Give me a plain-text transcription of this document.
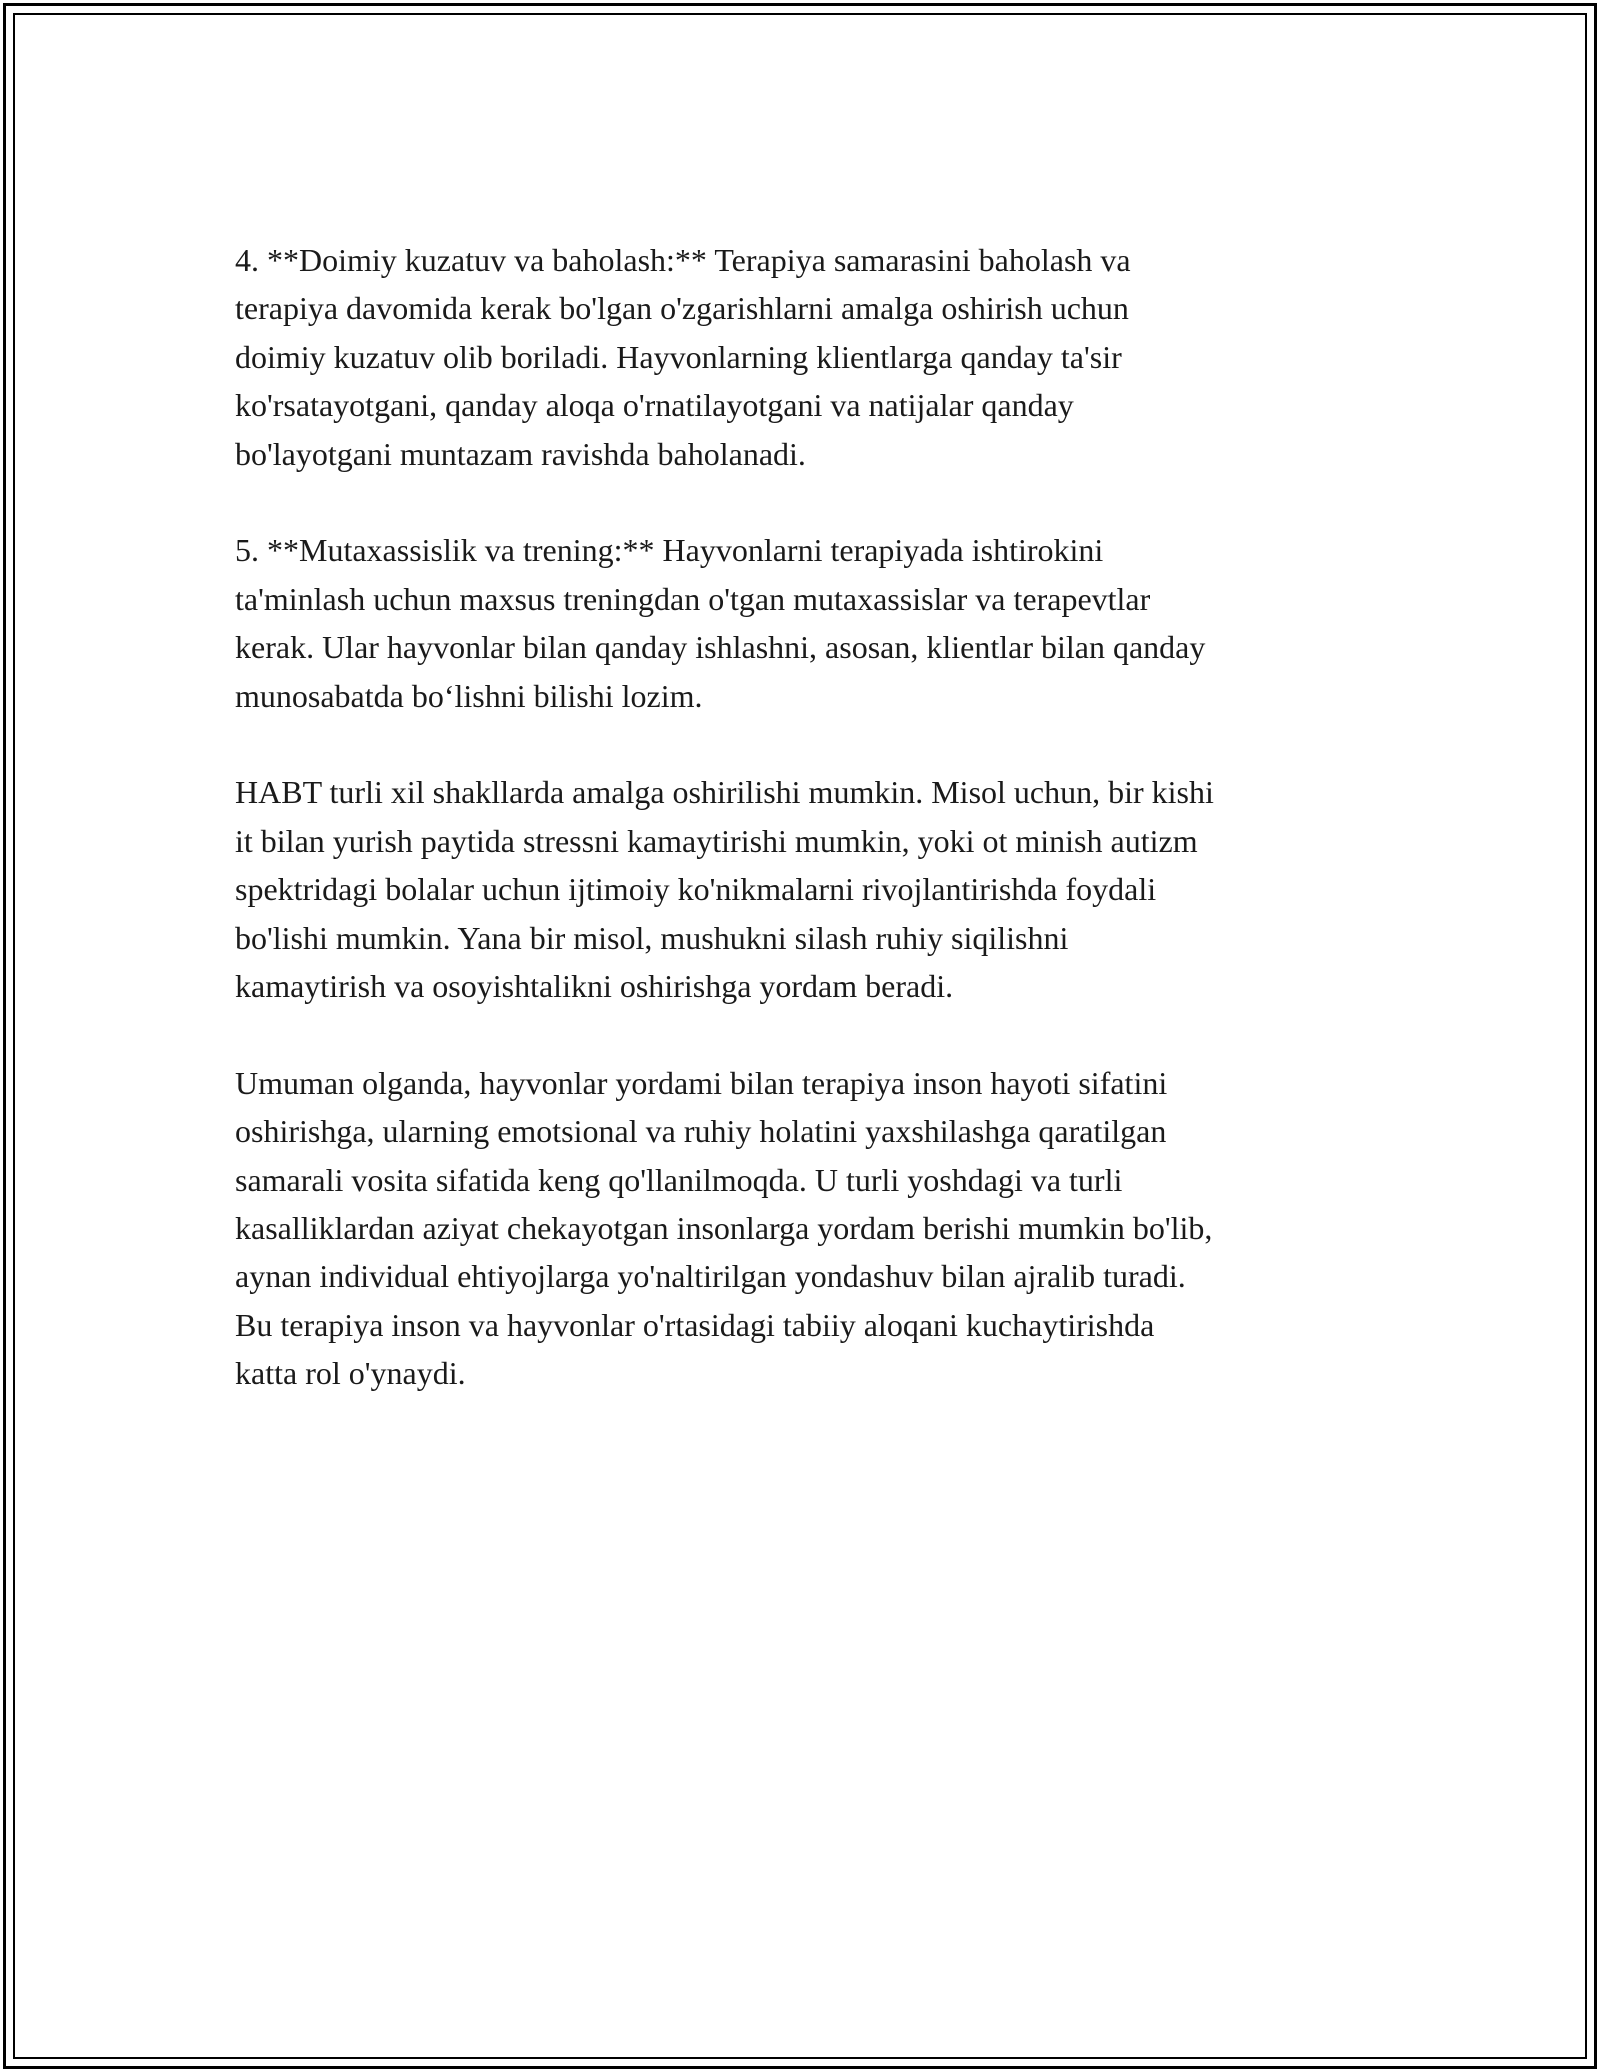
4. **Doimiy kuzatuv va baholash:** Terapiya samarasini baholash va
terapiya davomida kerak bo'lgan o'zgarishlarni amalga oshirish uchun
doimiy kuzatuv olib boriladi. Hayvonlarning klientlarga qanday ta'sir
ko'rsatayotgani, qanday aloqa o'rnatilayotgani va natijalar qanday
bo'layotgani muntazam ravishda baholanadi.

5. **Mutaxassislik va trening:** Hayvonlarni terapiyada ishtirokini
ta'minlash uchun maxsus treningdan o'tgan mutaxassislar va terapevtlar
kerak. Ular hayvonlar bilan qanday ishlashni, asosan, klientlar bilan qanday
munosabatda bo‘lishni bilishi lozim.

HABT turli xil shakllarda amalga oshirilishi mumkin. Misol uchun, bir kishi
it bilan yurish paytida stressni kamaytirishi mumkin, yoki ot minish autizm
spektridagi bolalar uchun ijtimoiy ko'nikmalarni rivojlantirishda foydali
bo'lishi mumkin. Yana bir misol, mushukni silash ruhiy siqilishni
kamaytirish va osoyishtalikni oshirishga yordam beradi.

Umuman olganda, hayvonlar yordami bilan terapiya inson hayoti sifatini
oshirishga, ularning emotsional va ruhiy holatini yaxshilashga qaratilgan
samarali vosita sifatida keng qo'llanilmoqda. U turli yoshdagi va turli
kasalliklardan aziyat chekayotgan insonlarga yordam berishi mumkin bo'lib,
aynan individual ehtiyojlarga yo'naltirilgan yondashuv bilan ajralib turadi.
Bu terapiya inson va hayvonlar o'rtasidagi tabiiy aloqani kuchaytirishda
katta rol o'ynaydi.
